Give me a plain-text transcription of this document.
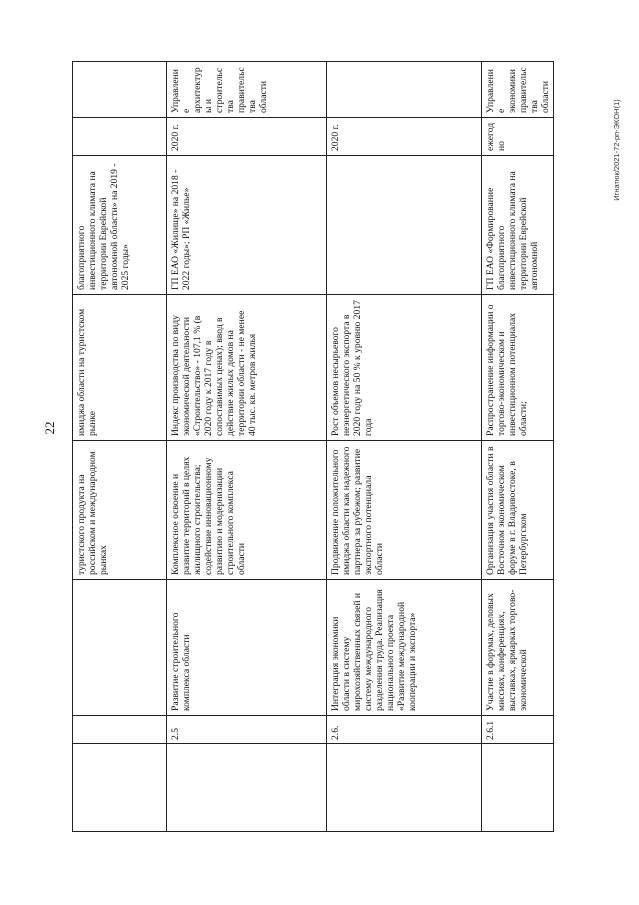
22
Игнатюк/2021-72-рп-ЭКОН(1)
			туристского продукта на российском и международном рынках	имиджа области на туристском рынке	благоприятного инвестиционного климата на территории Еврейской автономной области» на 2019 - 2025 годы»		
	2.5	Развитие строительного комплекса области	Комплексное освоение и развитие территорий в целях жилищного строительства; содействие инновационному развитию и модернизации строительного комплекса области	Индекс производства по виду экономической деятельности «Строительство» - 107,1 % (в 2020 году к 2017 году в сопоставимых ценах); ввод в действие жилых домов на территории области - не менее 40 тыс. кв. метров жилья	ГП ЕАО «Жилище» на 2018 - 2022 годы»; РП «Жилье»	2020 г.	Управление архитектуры и строительства правительства области
	2.6.	Интеграция экономики области в систему мирохозяйственных связей и систему международного разделения труда. Реализация национального проекта «Развитие международной кооперации и экспорта»	Продвижение положительного имиджа области как надежного партнера за рубежом; развитие экспортного потенциала области	Рост объемов несырьевого неэнергетического экспорта в 2020 году на 50 % к уровню 2017 года		2020 г.	
	2.6.1	Участие в форумах, деловых миссиях, конференциях, выставках, ярмарках торгово-экономической	Организация участия области в Восточном экономическом форуме в г. Владивостоке, в Петербургском	Распространение информации о торгово-экономическом и инвестиционном потенциалах области;	ГП ЕАО «Формирование благоприятного инвестиционного климата на территории Еврейской автономной	ежегодно	Управление экономики правительства области
